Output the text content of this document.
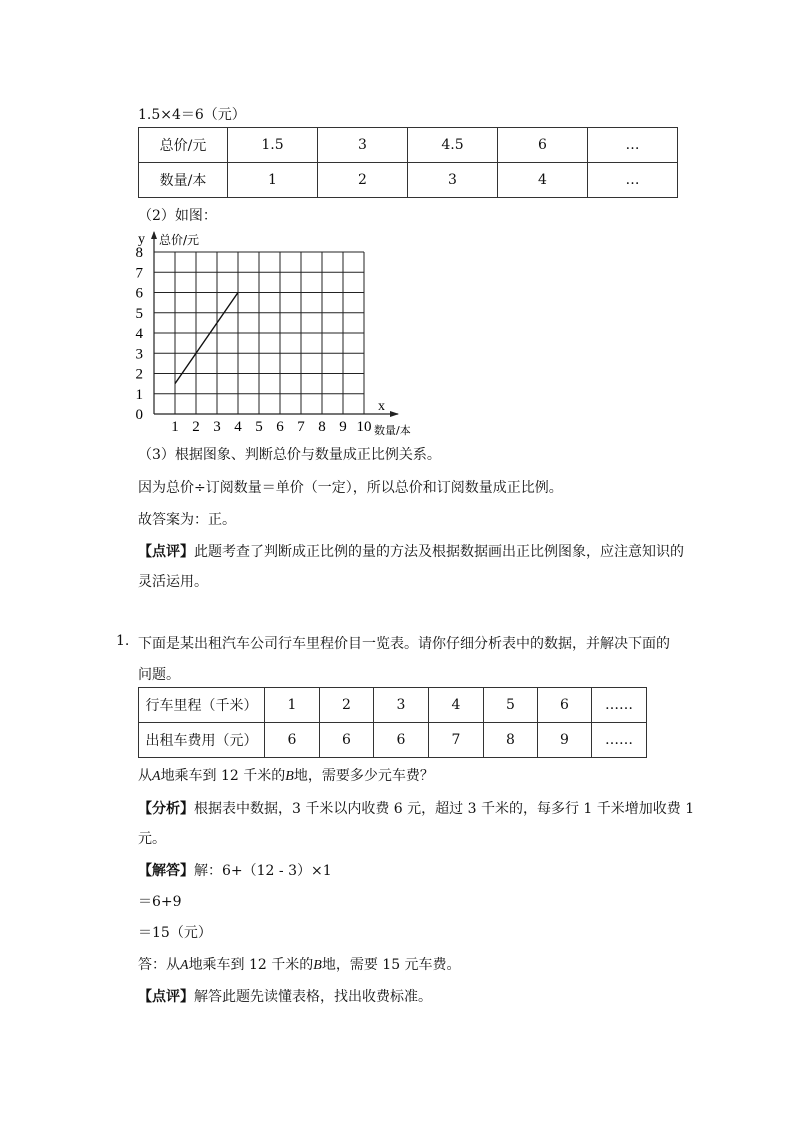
1.5×4＝6（元）
总价/元	1.5	3	4.5	6	…
数量/本	1	2	3	4	…
（2）如图：
0
1
2
3
4
5
6
7
8
1 2 3 4 5 6 7 8 9 10
y 总价/元
x
数量/本
（3）根据图象、判断总价与数量成正比例关系。
因为总价÷订阅数量＝单价（一定），所以总价和订阅数量成正比例。
故答案为：正。
【点评】此题考查了判断成正比例的量的方法及根据数据画出正比例图象，应注意知识的
灵活运用。
1. 下面是某出租汽车公司行车里程价目一览表。请你仔细分析表中的数据，并解决下面的
问题。
行车里程（千米）	1	2	3	4	5	6	……
出租车费用（元）	6	6	6	7	8	9	……
从A地乘车到 12 千米的B地，需要多少元车费？
【分析】根据表中数据，3 千米以内收费 6 元，超过 3 千米的，每多行 1 千米增加收费 1
元。
【解答】解：6+（12 - 3）×1
＝6+9
＝15（元）
答：从A地乘车到 12 千米的B地，需要 15 元车费。
【点评】解答此题先读懂表格，找出收费标准。
